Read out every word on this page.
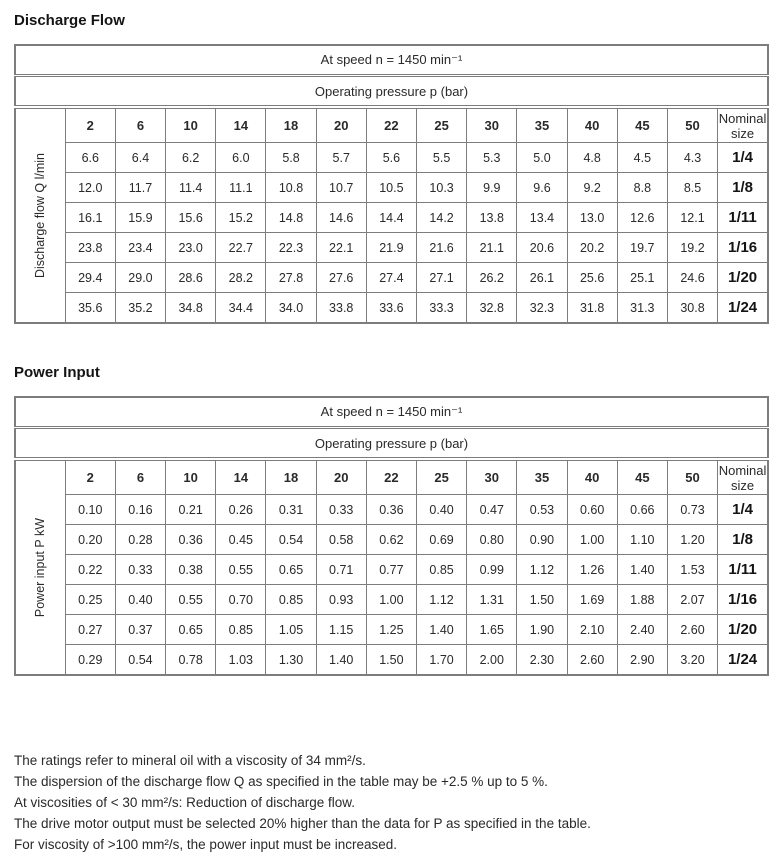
Discharge Flow
At speed n = 1450 min⁻¹														
Operating pressure p (bar)														

Discharge flow Q l/min	2	6	10	14	18	20	22	25	30	35	40	45	50	Nominal size
	6.6	6.4	6.2	6.0	5.8	5.7	5.6	5.5	5.3	5.0	4.8	4.5	4.3	1/4
	12.0	11.7	11.4	11.1	10.8	10.7	10.5	10.3	9.9	9.6	9.2	8.8	8.5	1/8
	16.1	15.9	15.6	15.2	14.8	14.6	14.4	14.2	13.8	13.4	13.0	12.6	12.1	1/11
	23.8	23.4	23.0	22.7	22.3	22.1	21.9	21.6	21.1	20.6	20.2	19.7	19.2	1/16
	29.4	29.0	28.6	28.2	27.8	27.6	27.4	27.1	26.2	26.1	25.6	25.1	24.6	1/20
	35.6	35.2	34.8	34.4	34.0	33.8	33.6	33.3	32.8	32.3	31.8	31.3	30.8	1/24
Power Input
At speed n = 1450 min⁻¹														
Operating pressure p (bar)														

Power input P kW	2	6	10	14	18	20	22	25	30	35	40	45	50	Nominal size
	0.10	0.16	0.21	0.26	0.31	0.33	0.36	0.40	0.47	0.53	0.60	0.66	0.73	1/4
	0.20	0.28	0.36	0.45	0.54	0.58	0.62	0.69	0.80	0.90	1.00	1.10	1.20	1/8
	0.22	0.33	0.38	0.55	0.65	0.71	0.77	0.85	0.99	1.12	1.26	1.40	1.53	1/11
	0.25	0.40	0.55	0.70	0.85	0.93	1.00	1.12	1.31	1.50	1.69	1.88	2.07	1/16
	0.27	0.37	0.65	0.85	1.05	1.15	1.25	1.40	1.65	1.90	2.10	2.40	2.60	1/20
	0.29	0.54	0.78	1.03	1.30	1.40	1.50	1.70	2.00	2.30	2.60	2.90	3.20	1/24

The ratings refer to mineral oil with a viscosity of 34 mm²/s.

The dispersion of the discharge flow Q as specified in the table may be +2.5 % up to 5 %.

At viscosities of < 30 mm²/s: Reduction of discharge flow.

The drive motor output must be selected 20% higher than the data for P as specified in the table.

For viscosity of >100 mm²/s, the power input must be increased.
